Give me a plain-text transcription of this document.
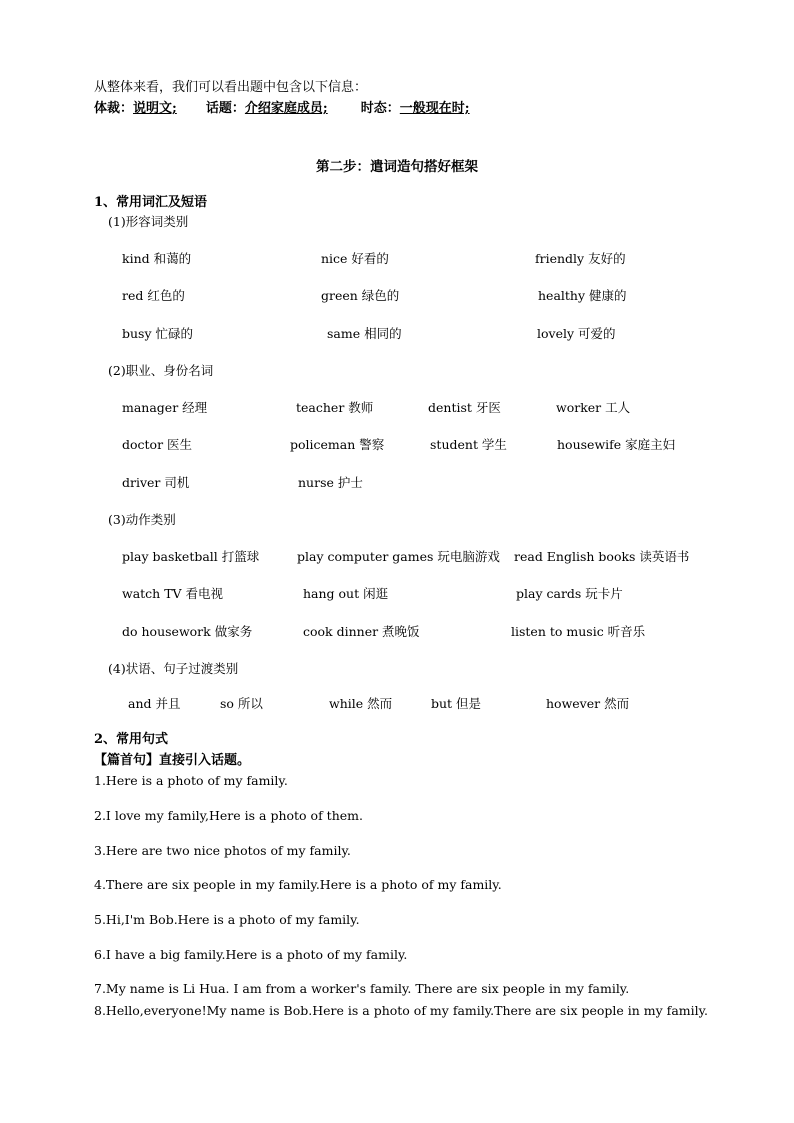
从整体来看，我们可以看出题中包含以下信息：
体裁：说明文; 话题：介绍家庭成员;	时态：一般现在时;
第二步：遣词造句搭好框架
1、常用词汇及短语
(1)形容词类别
kind 和蔼的	nice 好看的	friendly 友好的
red 红色的	green 绿色的	healthy 健康的
busy 忙碌的	same 相同的	lovely 可爱的
(2)职业、身份名词
manager 经理	teacher 教师	dentist 牙医	worker 工人
doctor 医生	policeman 警察	student 学生	housewife 家庭主妇
driver 司机	nurse 护士
(3)动作类别
play basketball 打篮球	play computer games 玩电脑游戏 read English books 读英语书
watch TV 看电视	hang out 闲逛	play cards 玩卡片
do housework 做家务	cook dinner 煮晚饭	listen to music 听音乐
(4)状语、句子过渡类别
and 并且	so 所以	while 然而	but 但是	however 然而
2、常用句式
【篇首句】直接引入话题。
1.Here is a photo of my family.
2.I love my family,Here is a photo of them.
3.Here are two nice photos of my family.
4.There are six people in my family.Here is a photo of my family.
5.Hi,I'm Bob.Here is a photo of my family.
6.I have a big family.Here is a photo of my family.
7.My name is Li Hua. I am from a worker's family. There are six people in my family.
8.Hello,everyone!My name is Bob.Here is a photo of my family.There are six people in my family.
